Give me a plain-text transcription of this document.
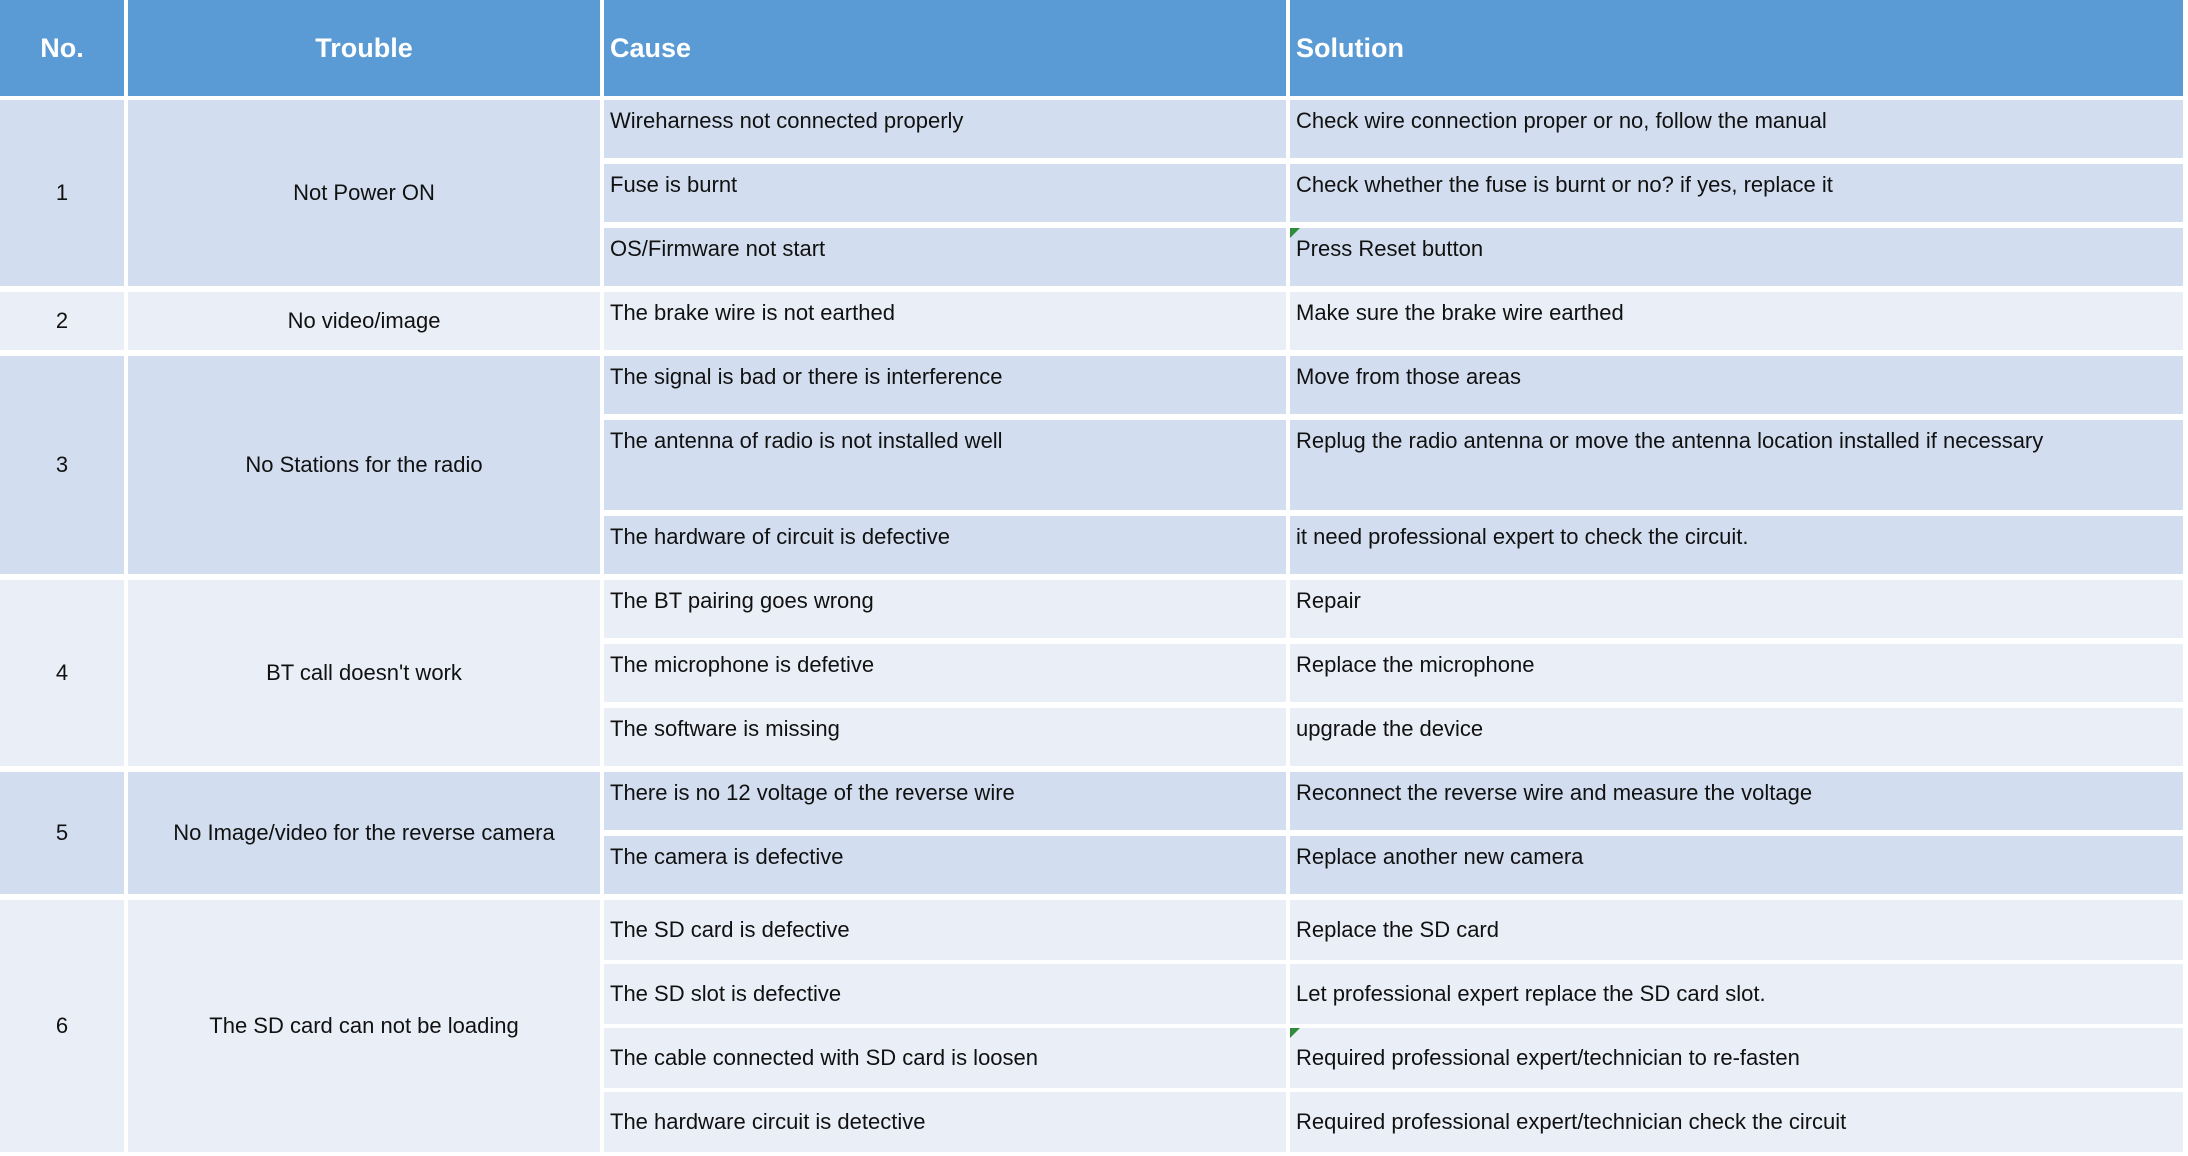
No.	Trouble	Cause	Solution
1	Not Power ON
Wireharness not connected properly	Check wire connection proper or no, follow the manual
Fuse is burnt	Check whether the fuse is burnt or no? if yes, replace it
OS/Firmware not start	Press Reset button
2	No video/image	The brake wire is not earthed	Make sure the brake wire earthed
3	No Stations for the radio
The signal is bad or there is interference	Move from those areas
The antenna of radio is not installed well	Replug the radio antenna or move the antenna location installed if necessary
The hardware of circuit is defective	it need professional expert to check the circuit.
4	BT call doesn't work
The BT pairing goes wrong	Repair
The microphone is defetive	Replace the microphone
The software is missing	upgrade the device
5	No Image/video for the reverse camera
There is no 12 voltage of the reverse wire	Reconnect the reverse wire and measure the voltage
The camera is defective	Replace another new camera
6	The SD card can not be loading
The SD card is defective	Replace the SD card
The SD slot is defective	Let professional expert replace the SD card slot.
The cable connected with SD card is loosen	Required professional expert/technician to re-fasten
The hardware circuit is detective	Required professional expert/technician check the circuit
